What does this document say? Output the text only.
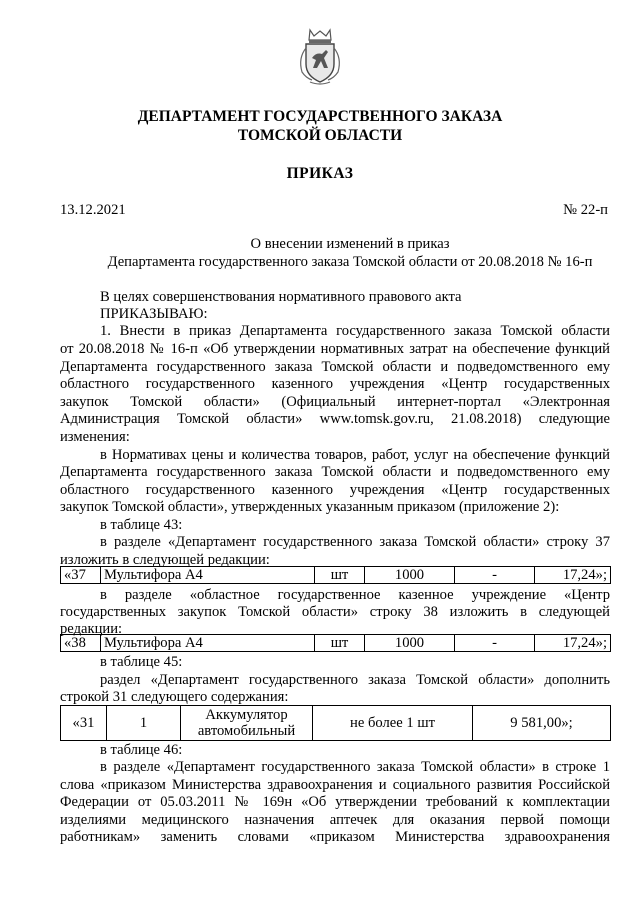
ДЕПАРТАМЕНТ ГОСУДАРСТВЕННОГО ЗАКАЗА
ТОМСКОЙ ОБЛАСТИ
ПРИКАЗ
13.12.2021	№ 22-п
О внесении изменений в приказ
Департамента государственного заказа Томской области от 20.08.2018 № 16-п
В целях совершенствования нормативного правового акта
ПРИКАЗЫВАЮ:
1. Внести в приказ Департамента государственного заказа Томской области
от 20.08.2018 № 16-п «Об утверждении нормативных затрат на обеспечение функций
Департамента государственного заказа Томской области и подведомственного ему
областного государственного казенного учреждения «Центр государственных
закупок Томской области» (Официальный интернет-портал «Электронная
Администрация Томской области» www.tomsk.gov.ru, 21.08.2018) следующие
изменения:
в Нормативах цены и количества товаров, работ, услуг на обеспечение функций
Департамента государственного заказа Томской области и подведомственного ему
областного государственного казенного учреждения «Центр государственных
закупок Томской области», утвержденных указанным приказом (приложение 2):
в таблице 43:
в разделе «Департамент государственного заказа Томской области» строку 37
изложить в следующей редакции:
«37	Мультифора А4	шт	1000	-	17,24»;
в разделе «областное государственное казенное учреждение «Центр
государственных закупок Томской области» строку 38 изложить в следующей
редакции:
«38	Мультифора А4	шт	1000	-	17,24»;
в таблице 45:
раздел «Департамент государственного заказа Томской области» дополнить
строкой 31 следующего содержания:
«31	1	Аккумулятор
автомобильный	не более 1 шт	9 581,00»;
в таблице 46:
в разделе «Департамент государственного заказа Томской области» в строке 1
слова «приказом Министерства здравоохранения и социального развития Российской
Федерации от 05.03.2011 № 169н «Об утверждении требований к комплектации
изделиями медицинского назначения аптечек для оказания первой помощи
работникам» заменить словами «приказом Министерства здравоохранения
